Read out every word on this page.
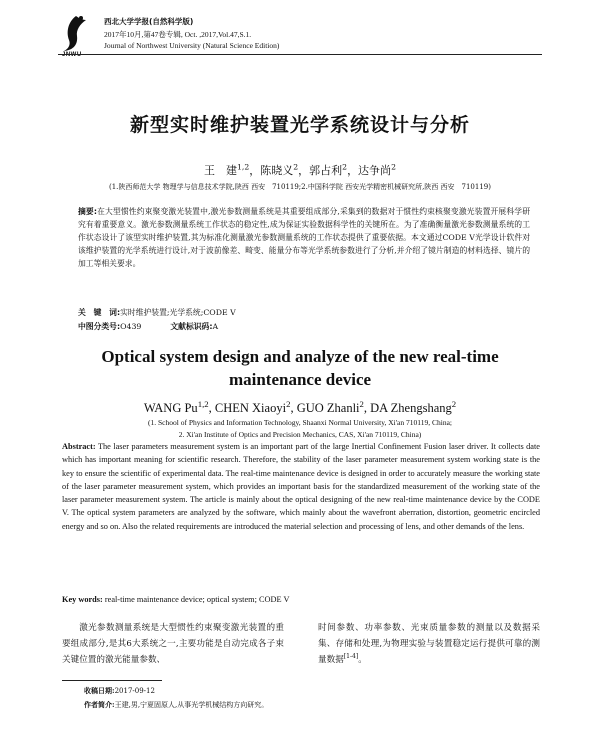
JNWU
西北大学学报(自然科学版)
2017年10月,第47卷专辑, Oct. ,2017,Vol.47,S.1.
Journal of Northwest University (Natural Science Edition)
新型实时维护装置光学系统设计与分析
王　建$^{1,2}$，陈晓义$^2$，郭占利$^2$，达争尚$^2$
(1.陕西师范大学 物理学与信息技术学院,陕西 西安　710119;2.中国科学院 西安光学精密机械研究所,陕西 西安　710119)
摘要:在大型惯性约束聚变激光装置中,激光参数测量系统是其重要组成部分,采集到的数据对于惯性约束核聚变激光装置开展科学研究有着重要意义。激光参数测量系统工作状态的稳定性,成为保证实验数据科学性的关键所在。为了准确衡量激光参数测量系统的工作状态设计了该型实时维护装置,其为标准化测量激光参数测量系统的工作状态提供了重要依据。本文通过CODE V光学设计软件对该维护装置的光学系统进行设计,对于波前像差、畸变、能量分布等光学系统参数进行了分析,并介绍了镜片制造的材料选择、镜片的加工等相关要求。
关　键　词:实时维护装置;光学系统;CODE V
中图分类号:O439	文献标识码:A
Optical system design and analyze of the new real-time
maintenance device
WANG Pu$^{1,2}$, CHEN Xiaoyi$^2$, GUO Zhanli$^2$, DA Zhengshang$^2$
(1. School of Physics and Information Technology, Shaanxi Normal University, Xi'an 710119, China;
2. Xi'an Institute of Optics and Precision Mechanics, CAS, Xi'an 710119, China)
Abstract: The laser parameters measurement system is an important part of the large Inertial Confinement Fusion laser driver. It collects date which has important meaning for scientific research. Therefore, the stability of the laser parameter measurement system working state is the key to ensure the scientific of experimental data. The real-time maintenance device is designed in order to accurately measure the working state of the laser parameter measurement system, which provides an important basis for the standardized measurement of the working state of the laser parameter measurement system. The article is mainly about the optical designing of the new real-time maintenance device by the CODE V. The optical system parameters are analyzed by the software, which mainly about the wavefront aberration, distortion, geometric encircled energy and so on. Also the related requirements are introduced the material selection and processing of lens, and other demands of the lens.
Key words: real-time maintenance device; optical system; CODE V
激光参数测量系统是大型惯性约束聚变激光装置的重要组成部分,是其6大系统之一,主要功能是自动完成各子束关键位置的激光能量参数、
时间参数、功率参数、光束质量参数的测量以及数据采集、存储和处理,为物理实验与装置稳定运行提供可靠的测量数据[1-4]。
收稿日期:2017-09-12
作者简介:王建,男,宁夏固原人,从事光学机械结构方向研究。
